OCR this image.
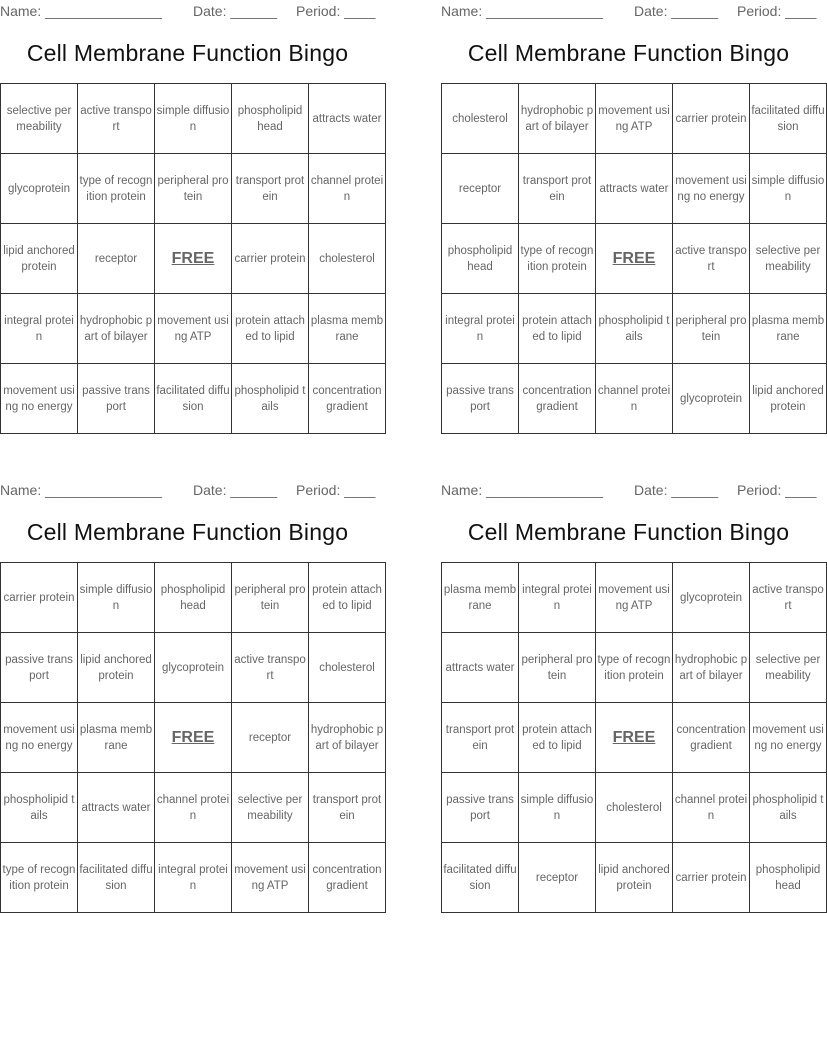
Name: _______________ Date: ______ Period: ____
Cell Membrane Function Bingo
selective permeability	active transport	simple diffusion	phospholipid head	attracts water
glycoprotein	type of recognition protein	peripheral protein	transport protein	channel protein
lipid anchored protein	receptor	FREE	carrier protein	cholesterol
integral protein	hydrophobic part of bilayer	movement using ATP	protein attached to lipid	plasma membrane
movement using no energy	passive transport	facilitated diffusion	phospholipid tails	concentration gradient
Name: _______________ Date: ______ Period: ____
Cell Membrane Function Bingo
cholesterol	hydrophobic part of bilayer	movement using ATP	carrier protein	facilitated diffusion
receptor	transport protein	attracts water	movement using no energy	simple diffusion
phospholipid head	type of recognition protein	FREE	active transport	selective permeability
integral protein	protein attached to lipid	phospholipid tails	peripheral protein	plasma membrane
passive transport	concentration gradient	channel protein	glycoprotein	lipid anchored protein
Name: _______________ Date: ______ Period: ____
Cell Membrane Function Bingo
carrier protein	simple diffusion	phospholipid head	peripheral protein	protein attached to lipid
passive transport	lipid anchored protein	glycoprotein	active transport	cholesterol
movement using no energy	plasma membrane	FREE	receptor	hydrophobic part of bilayer
phospholipid tails	attracts water	channel protein	selective permeability	transport protein
type of recognition protein	facilitated diffusion	integral protein	movement using ATP	concentration gradient
Name: _______________ Date: ______ Period: ____
Cell Membrane Function Bingo
plasma membrane	integral protein	movement using ATP	glycoprotein	active transport
attracts water	peripheral protein	type of recognition protein	hydrophobic part of bilayer	selective permeability
transport protein	protein attached to lipid	FREE	concentration gradient	movement using no energy
passive transport	simple diffusion	cholesterol	channel protein	phospholipid tails
facilitated diffusion	receptor	lipid anchored protein	carrier protein	phospholipid head
